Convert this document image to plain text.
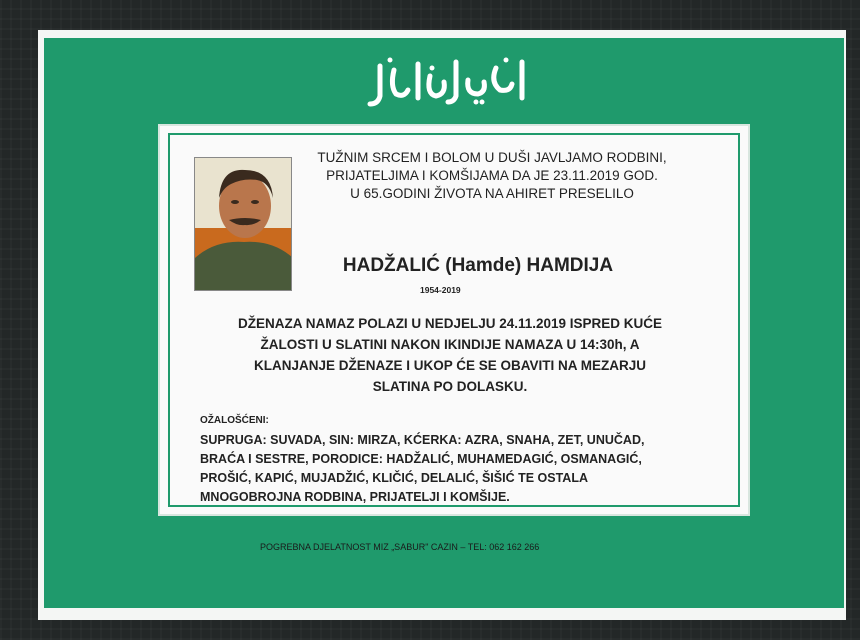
TUŽNIM SRCEM I BOLOM U DUŠI JAVLJAMO RODBINI,

PRIJATELJIMA I KOMŠIJAMA DA JE 23.11.2019 GOD.

U 65.GODINI ŽIVOTA NA AHIRET PRESELILO

HADŽALIĆ (Hamde) HAMDIJA
1954-2019

DŽENAZA NAMAZ POLAZI U NEDJELJU 24.11.2019 ISPRED KUĆE

ŽALOSTI U SLATINI NAKON IKINDIJE NAMAZA U 14:30h, A

KLANJANJE DŽENAZE I UKOP ĆE SE OBAVITI NA MEZARJU

SLATINA PO DOLASKU.

OŽALOŠĆENI:

SUPRUGA: SUVADA, SIN: MIRZA, KĆERKA: AZRA, SNAHA, ZET, UNUČAD,

BRAĆA I SESTRE, PORODICE: HADŽALIĆ, MUHAMEDAGIĆ, OSMANAGIĆ,

PROŠIĆ, KAPIĆ, MUJADŽIĆ, KLIČIĆ, DELALIĆ, ŠIŠIĆ TE OSTALA

MNOGOBROJNA RODBINA, PRIJATELJI I KOMŠIJE.

POGREBNA DJELATNOST MIZ „SABUR" CAZIN – TEL: 062 162 266
